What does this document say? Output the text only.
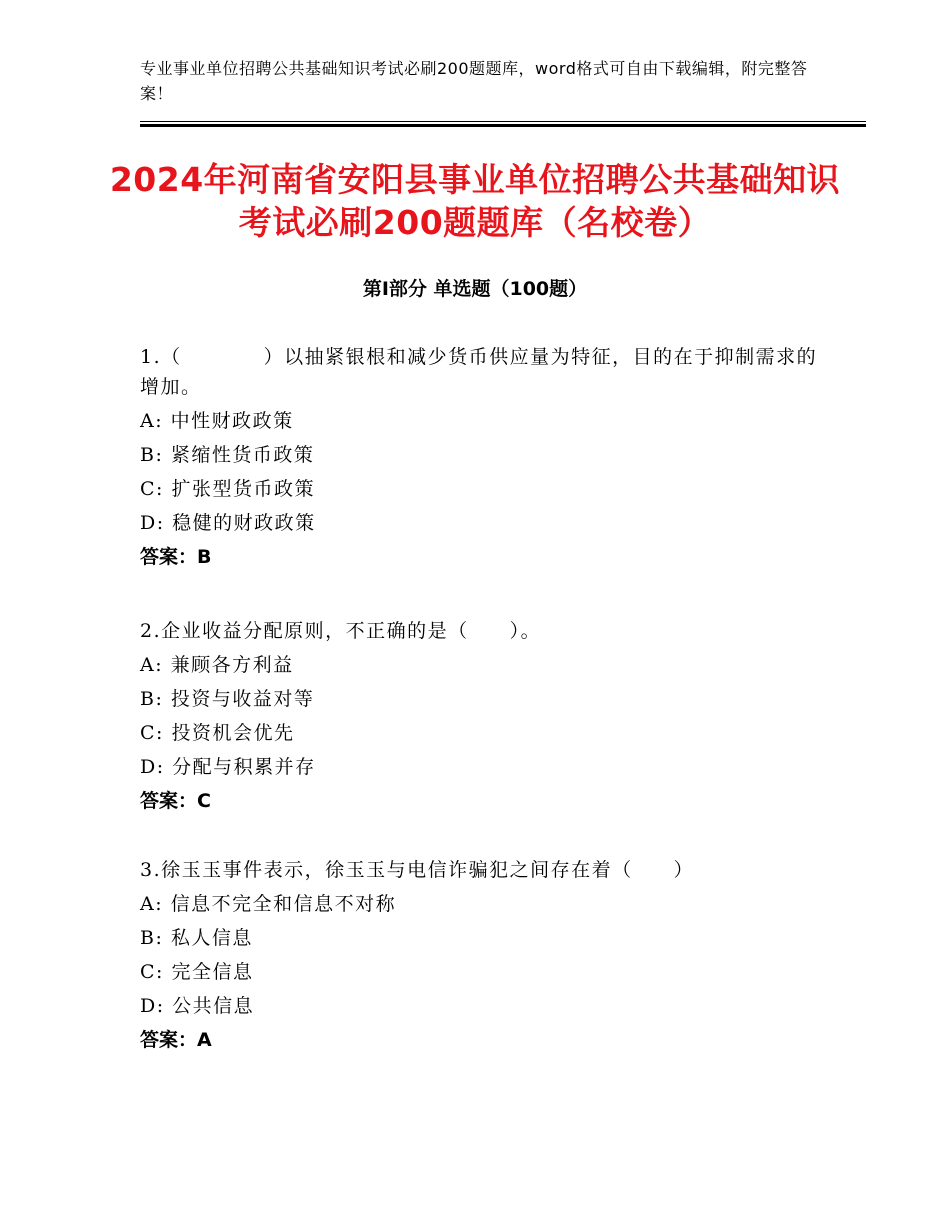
专业事业单位招聘公共基础知识考试必刷200题题库，word格式可自由下载编辑，附完整答案！
2024年河南省安阳县事业单位招聘公共基础知识考试必刷200题题库（名校卷）
第Ⅰ部分 单选题（100题）
1.（　　　　）以抽紧银根和减少货币供应量为特征，目的在于抑制需求的增加。
A: 中性财政政策
B: 紧缩性货币政策
C: 扩张型货币政策
D: 稳健的财政政策
答案：B
2.企业收益分配原则，不正确的是（　　）。
A: 兼顾各方利益
B: 投资与收益对等
C: 投资机会优先
D: 分配与积累并存
答案：C
3.徐玉玉事件表示，徐玉玉与电信诈骗犯之间存在着（　　）
A: 信息不完全和信息不对称
B: 私人信息
C: 完全信息
D: 公共信息
答案：A
